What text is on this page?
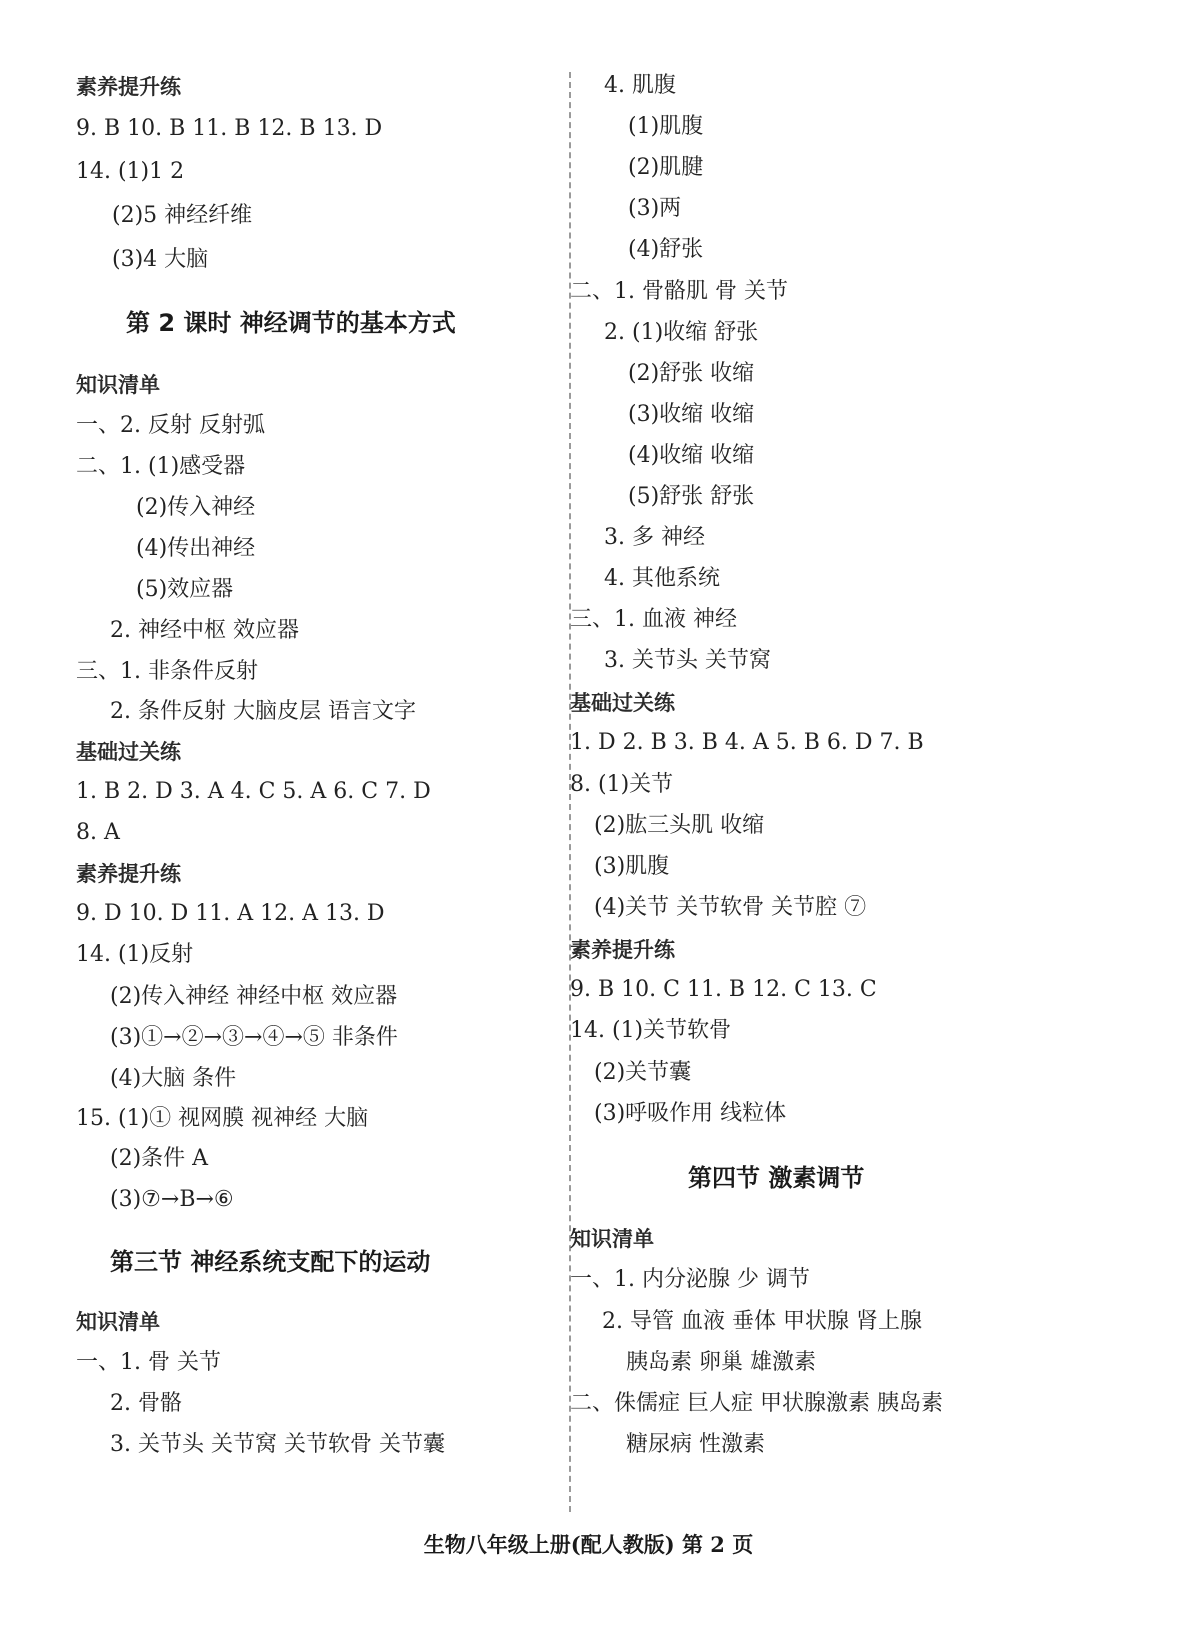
素养提升练
9. B 10. B 11. B 12. B 13. D
14. (1)1 2
(2)5 神经纤维
(3)4 大脑
第 2 课时 神经调节的基本方式
知识清单
一、2. 反射 反射弧
二、1. (1)感受器
(2)传入神经
(4)传出神经
(5)效应器
2. 神经中枢 效应器
三、1. 非条件反射
2. 条件反射 大脑皮层 语言文字
基础过关练
1. B 2. D 3. A 4. C 5. A 6. C 7. D
8. A
素养提升练
9. D 10. D 11. A 12. A 13. D
14. (1)反射
(2)传入神经 神经中枢 效应器
(3)①→②→③→④→⑤ 非条件
(4)大脑 条件
15. (1)① 视网膜 视神经 大脑
(2)条件 A
(3)⑦→B→⑥
第三节 神经系统支配下的运动
知识清单
一、1. 骨 关节
2. 骨骼
3. 关节头 关节窝 关节软骨 关节囊
4. 肌腹
(1)肌腹
(2)肌腱
(3)两
(4)舒张
二、1. 骨骼肌 骨 关节
2. (1)收缩 舒张
(2)舒张 收缩
(3)收缩 收缩
(4)收缩 收缩
(5)舒张 舒张
3. 多 神经
4. 其他系统
三、1. 血液 神经
3. 关节头 关节窝
基础过关练
1. D 2. B 3. B 4. A 5. B 6. D 7. B
8. (1)关节
(2)肱三头肌 收缩
(3)肌腹
(4)关节 关节软骨 关节腔 ⑦
素养提升练
9. B 10. C 11. B 12. C 13. C
14. (1)关节软骨
(2)关节囊
(3)呼吸作用 线粒体
第四节 激素调节
知识清单
一、1. 内分泌腺 少 调节
2. 导管 血液 垂体 甲状腺 肾上腺
胰岛素 卵巢 雄激素
二、侏儒症 巨人症 甲状腺激素 胰岛素
糖尿病 性激素
生物八年级上册(配人教版) 第 2 页
